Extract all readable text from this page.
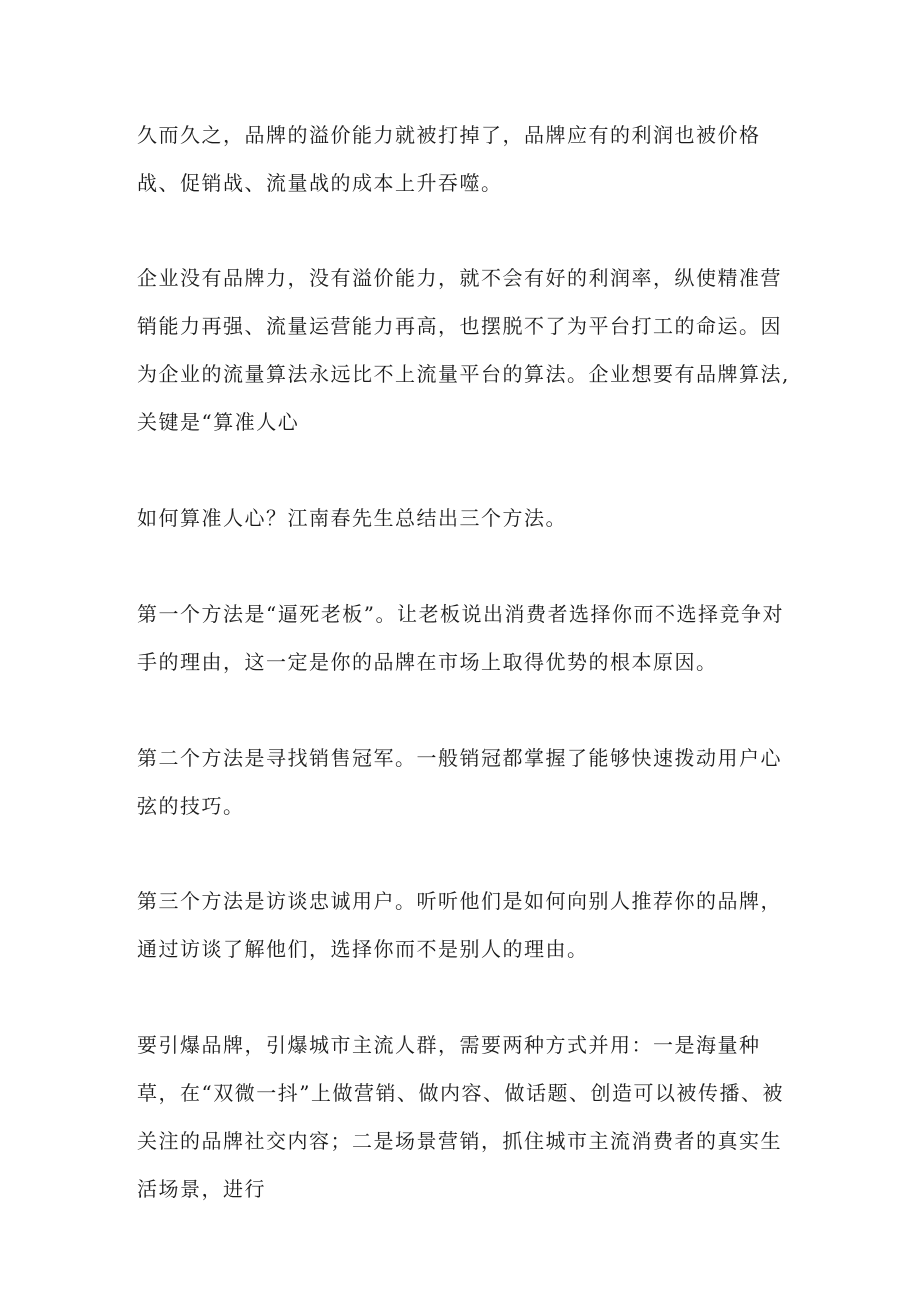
久而久之，品牌的溢价能力就被打掉了，品牌应有的利润也被价格战、促销战、流量战的成本上升吞噬。

企业没有品牌力，没有溢价能力，就不会有好的利润率，纵使精准营销能力再强、流量运营能力再高，也摆脱不了为平台打工的命运。因为企业的流量算法永远比不上流量平台的算法。企业想要有品牌算法,关键是“算准人心

如何算准人心？江南春先生总结出三个方法。

第一个方法是“逼死老板”。让老板说出消费者选择你而不选择竞争对手的理由，这一定是你的品牌在市场上取得优势的根本原因。

第二个方法是寻找销售冠军。一般销冠都掌握了能够快速拨动用户心弦的技巧。

第三个方法是访谈忠诚用户。听听他们是如何向别人推荐你的品牌，通过访谈了解他们，选择你而不是别人的理由。

要引爆品牌，引爆城市主流人群，需要两种方式并用：一是海量种草，在“双微一抖”上做营销、做内容、做话题、创造可以被传播、被关注的品牌社交内容；二是场景营销，抓住城市主流消费者的真实生活场景，进行
